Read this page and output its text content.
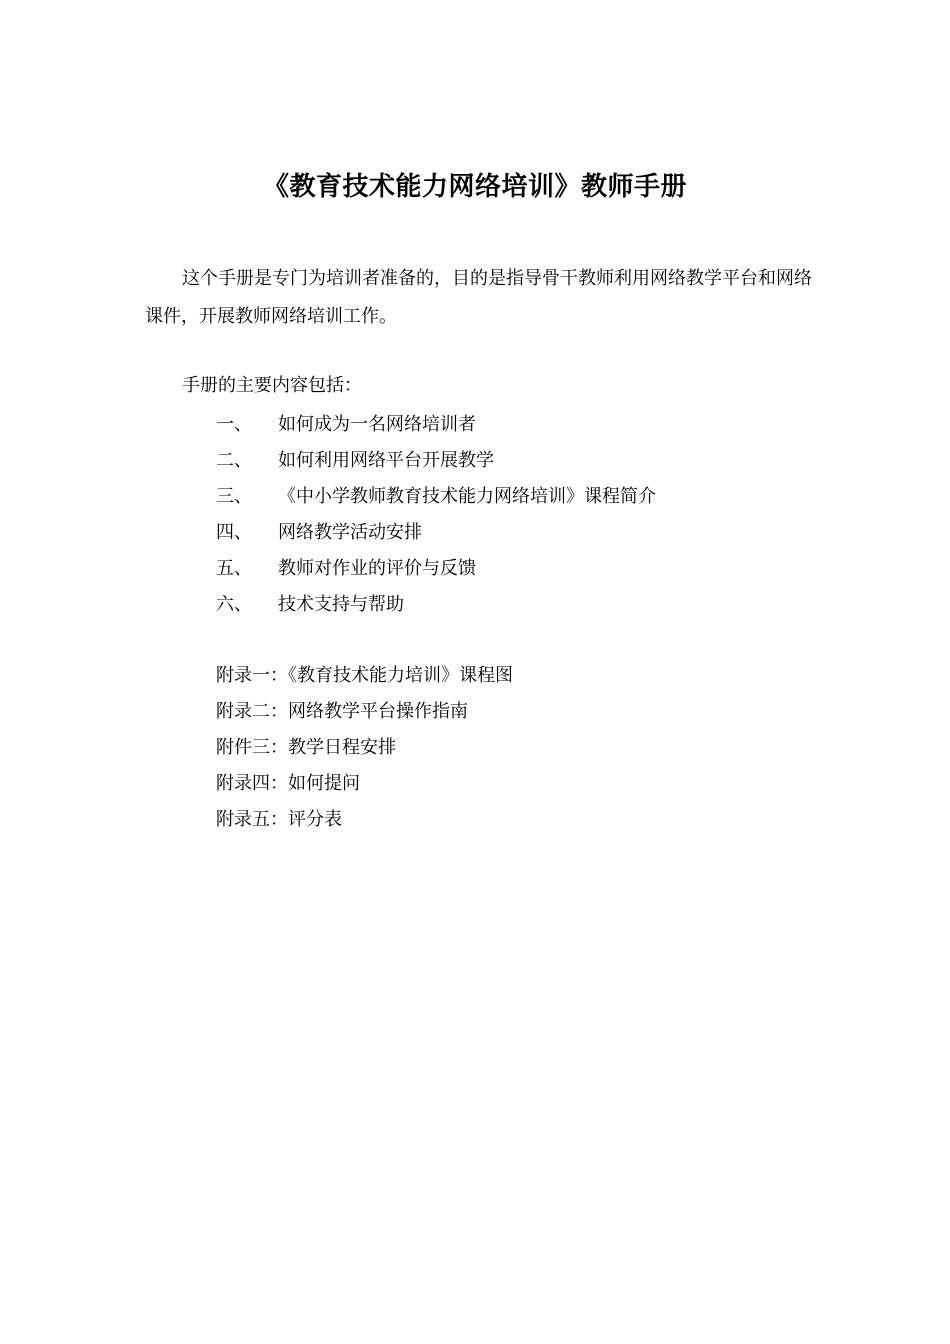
《教育技术能力网络培训》教师手册

这个手册是专门为培训者准备的，目的是指导骨干教师利用网络教学平台和网络课件，开展教师网络培训工作。

手册的主要内容包括：

一、	如何成为一名网络培训者
二、	如何利用网络平台开展教学
三、	《中小学教师教育技术能力网络培训》课程简介
四、	网络教学活动安排
五、	教师对作业的评价与反馈
六、	技术支持与帮助
附录一：《教育技术能力培训》课程图
附录二：网络教学平台操作指南
附件三：教学日程安排
附录四：如何提问
附录五：评分表
